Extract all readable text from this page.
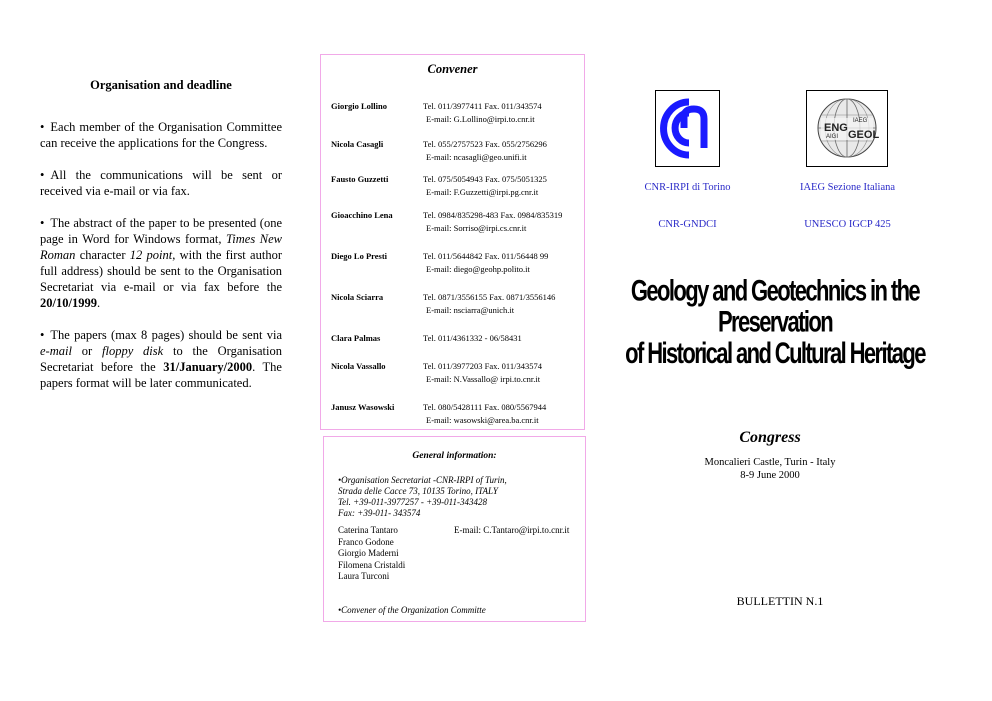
Organisation and deadline
• Each member of the Organisation Committee can receive the applications for the Congress.
• All the communications will be sent or received via e-mail or via fax.
• The abstract of the paper to be presented (one page in Word for Windows format, Times New Roman character 12 point, with the first author full address) should be sent to the Organisation Secretariat via e-mail or via fax before the 20/10/1999.
• The papers (max 8 pages) should be sent via e-mail or floppy disk to the Organisation Secretariat before the 31/January/2000. The papers format will be later communicated.
Convener
Giorgio Lollino	Tel. 011/3977411 Fax. 011/343574
E-mail: G.Lollino@irpi.to.cnr.it
Nicola Casagli	Tel. 055/2757523 Fax. 055/2756296
E-mail: ncasagli@geo.unifi.it
Fausto Guzzetti	Tel. 075/5054943 Fax. 075/5051325
E-mail: F.Guzzetti@irpi.pg.cnr.it
Gioacchino Lena	Tel. 0984/835298-483 Fax. 0984/835319
E-mail: Sorriso@irpi.cs.cnr.it
Diego Lo Presti	Tel. 011/5644842 Fax. 011/56448 99
E-mail: diego@geohp.polito.it
Nicola Sciarra	Tel. 0871/3556155 Fax. 0871/3556146
E-mail: nsciarra@unich.it
Clara Palmas	Tel. 011/4361332 - 06/58431
Nicola Vassallo	Tel. 011/3977203 Fax. 011/343574
E-mail: N.Vassallo@ irpi.to.cnr.it
Janusz Wasowski	Tel. 080/5428111 Fax. 080/5567944
E-mail: wasowski@area.ba.cnr.it
General information:
•Organisation Secretariat -CNR-IRPI of Turin,
Strada delle Cacce 73, 10135 Torino, ITALY
Tel. +39-011-3977257 - +39-011-343428
Fax: +39-011- 343574
Caterina Tantaro
Franco Godone
Giorgio Maderni
Filomena Cristaldi
Laura Turconi
E-mail: C.Tantaro@irpi.to.cnr.it
•Convener of the Organization Committe
ENG
IAEG
AIGI GEOL
CNR-IRPI di Torino	IAEG Sezione Italiana
CNR-GNDCI	UNESCO IGCP 425
Geology and Geotechnics in the Preservation
of Historical and Cultural Heritage
Congress
Moncalieri Castle, Turin - Italy
8-9 June 2000
BULLETTIN N.1
